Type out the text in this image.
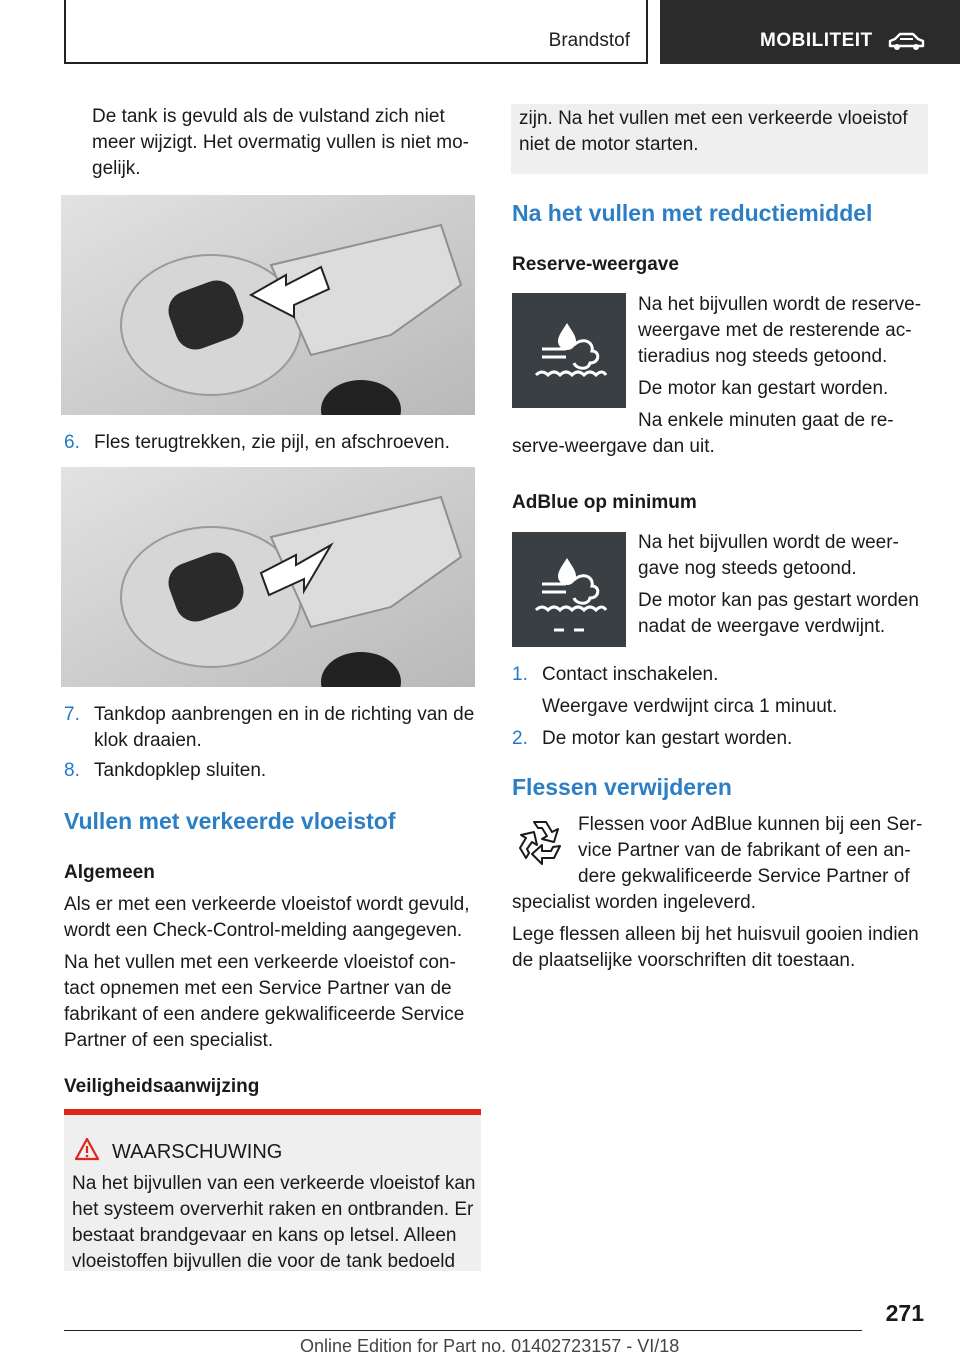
Brandstof	MOBILITEIT
De tank is gevuld als de vulstand zich niet
meer wijzigt. Het overmatig vullen is niet mo-
gelijk.
6. Fles terugtrekken, zie pijl, en afschroeven.
7. Tankdop aanbrengen en in de richting van de
klok draaien.
8. Tankdopklep sluiten.
Vullen met verkeerde vloeistof
Algemeen
Als er met een verkeerde vloeistof wordt gevuld,
wordt een Check-Control-melding aangegeven.
Na het vullen met een verkeerde vloeistof con-
tact opnemen met een Service Partner van de
fabrikant of een andere gekwalificeerde Service
Partner of een specialist.
Veiligheidsaanwijzing
WAARSCHUWING
Na het bijvullen van een verkeerde vloeistof kan
het systeem oververhit raken en ontbranden. Er
bestaat brandgevaar en kans op letsel. Alleen
vloeistoffen bijvullen die voor de tank bedoeld
zijn. Na het vullen met een verkeerde vloeistof
niet de motor starten.
Na het vullen met reductiemiddel
Reserve-weergave
Na het bijvullen wordt de reserve-
weergave met de resterende ac-
tieradius nog steeds getoond.
De motor kan gestart worden.
Na enkele minuten gaat de re-
serve-weergave dan uit.
AdBlue op minimum
Na het bijvullen wordt de weer-
gave nog steeds getoond.
De motor kan pas gestart worden
nadat de weergave verdwijnt.
1. Contact inschakelen.
Weergave verdwijnt circa 1 minuut.
2. De motor kan gestart worden.
Flessen verwijderen
Flessen voor AdBlue kunnen bij een Ser-
vice Partner van de fabrikant of een an-
dere gekwalificeerde Service Partner of
specialist worden ingeleverd.
Lege flessen alleen bij het huisvuil gooien indien
de plaatselijke voorschriften dit toestaan.
271
Online Edition for Part no. 01402723157 - VI/18
